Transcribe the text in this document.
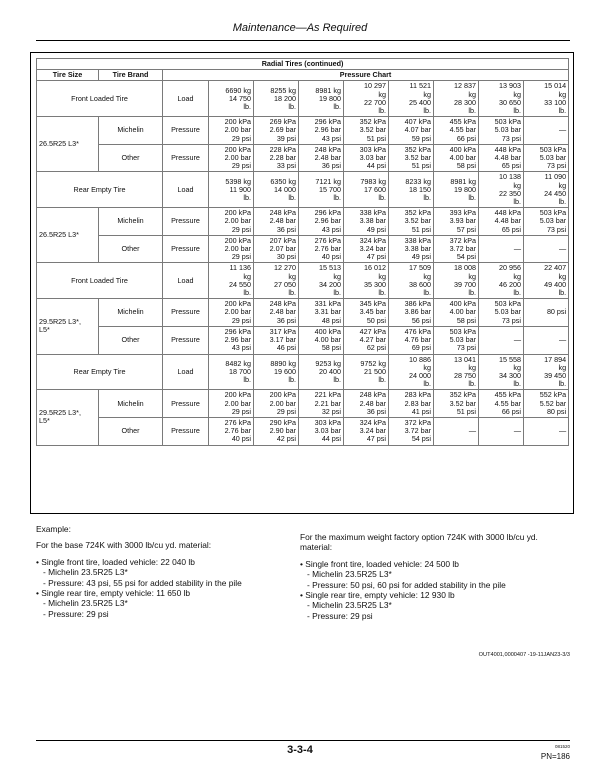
Maintenance—As Required
Radial Tires (continued)										
Tire Size	Tire Brand	Pressure Chart								
Front Loaded Tire		Load	6690 kg
14 750
lb.	8255 kg
18 200
lb.	8981 kg
19 800
lb.	10 297
kg
22 700
lb.	11 521
kg
25 400
lb.	12 837
kg
28 300
lb.	13 903
kg
30 650
lb.	15 014
kg
33 100
lb.
26.5R25 L3*	Michelin	Pressure	200 kPa
2.00 bar
29 psi	269 kPa
2.69 bar
39 psi	296 kPa
2.96 bar
43 psi	352 kPa
3.52 bar
51 psi	407 kPa
4.07 bar
59 psi	455 kPa
4.55 bar
66 psi	503 kPa
5.03 bar
73 psi	—
	Other	Pressure	200 kPa
2.00 bar
29 psi	228 kPa
2.28 bar
33 psi	248 kPa
2.48 bar
36 psi	303 kPa
3.03 bar
44 psi	352 kPa
3.52 bar
51 psi	400 kPa
4.00 bar
58 psi	448 kPa
4.48 bar
65 psi	503 kPa
5.03 bar
73 psi
Rear Empty Tire		Load	5398 kg
11 900
lb.	6350 kg
14 000
lb.	7121 kg
15 700
lb.	7983 kg
17 600
lb.	8233 kg
18 150
lb.	8981 kg
19 800
lb.	10 138
kg
22 350
lb.	11 090
kg
24 450
lb.
26.5R25 L3*	Michelin	Pressure	200 kPa
2.00 bar
29 psi	248 kPa
2.48 bar
36 psi	296 kPa
2.96 bar
43 psi	338 kPa
3.38 bar
49 psi	352 kPa
3.52 bar
51 psi	393 kPa
3.93 bar
57 psi	448 kPa
4.48 bar
65 psi	503 kPa
5.03 bar
73 psi
	Other	Pressure	200 kPa
2.00 bar
29 psi	207 kPa
2.07 bar
30 psi	276 kPa
2.76 bar
40 psi	324 kPa
3.24 bar
47 psi	338 kPa
3.38 bar
49 psi	372 kPa
3.72 bar
54 psi	—	—
Front Loaded Tire		Load	11 136
kg
24 550
lb.	12 270
kg
27 050
lb.	15 513
kg
34 200
lb.	16 012
kg
35 300
lb.	17 509
kg
38 600
lb.	18 008
kg
39 700
lb.	20 956
kg
46 200
lb.	22 407
kg
49 400
lb.
29.5R25 L3*,
L5*	Michelin	Pressure	200 kPa
2.00 bar
29 psi	248 kPa
2.48 bar
36 psi	331 kPa
3.31 bar
48 psi	345 kPa
3.45 bar
50 psi	386 kPa
3.86 bar
56 psi	400 kPa
4.00 bar
58 psi	503 kPa
5.03 bar
73 psi	80 psi
	Other	Pressure	296 kPa
2.96 bar
43 psi	317 kPa
3.17 bar
46 psi	400 kPa
4.00 bar
58 psi	427 kPa
4.27 bar
62 psi	476 kPa
4.76 bar
69 psi	503 kPa
5.03 bar
73 psi	—	—
Rear Empty Tire		Load	8482 kg
18 700
lb.	8890 kg
19 600
lb.	9253 kg
20 400
lb.	9752 kg
21 500
lb.	10 886
kg
24 000
lb.	13 041
kg
28 750
lb.	15 558
kg
34 300
lb.	17 894
kg
39 450
lb.
29.5R25 L3*,
L5*	Michelin	Pressure	200 kPa
2.00 bar
29 psi	200 kPa
2.00 bar
29 psi	221 kPa
2.21 bar
32 psi	248 kPa
2.48 bar
36 psi	283 kPa
2.83 bar
41 psi	352 kPa
3.52 bar
51 psi	455 kPa
4.55 bar
66 psi	552 kPa
5.52 bar
80 psi
	Other	Pressure	276 kPa
2.76 bar
40 psi	290 kPa
2.90 bar
42 psi	303 kPa
3.03 bar
44 psi	324 kPa
3.24 bar
47 psi	372 kPa
3.72 bar
54 psi	—	—	—
Example:
For the base 724K with 3000 lb/cu yd. material:
• Single front tire, loaded vehicle: 22 040 lb
- Michelin 23.5R25 L3*
- Pressure: 43 psi, 55 psi for added stability in the pile
• Single rear tire, empty vehicle: 11 650 lb
- Michelin 23.5R25 L3*
- Pressure: 29 psi
For the maximum weight factory option 724K with 3000 lb/cu yd. material:
• Single front tire, loaded vehicle: 24 500 lb
- Michelin 23.5R25 L3*
- Pressure: 50 psi, 60 psi for added stability in the pile
• Single rear tire, empty vehicle: 12 930 lb
- Michelin 23.5R25 L3*
- Pressure: 29 psi
OUT4001,0000407 -19-11JAN23-3/3
3-3-4	081520
PN=186
